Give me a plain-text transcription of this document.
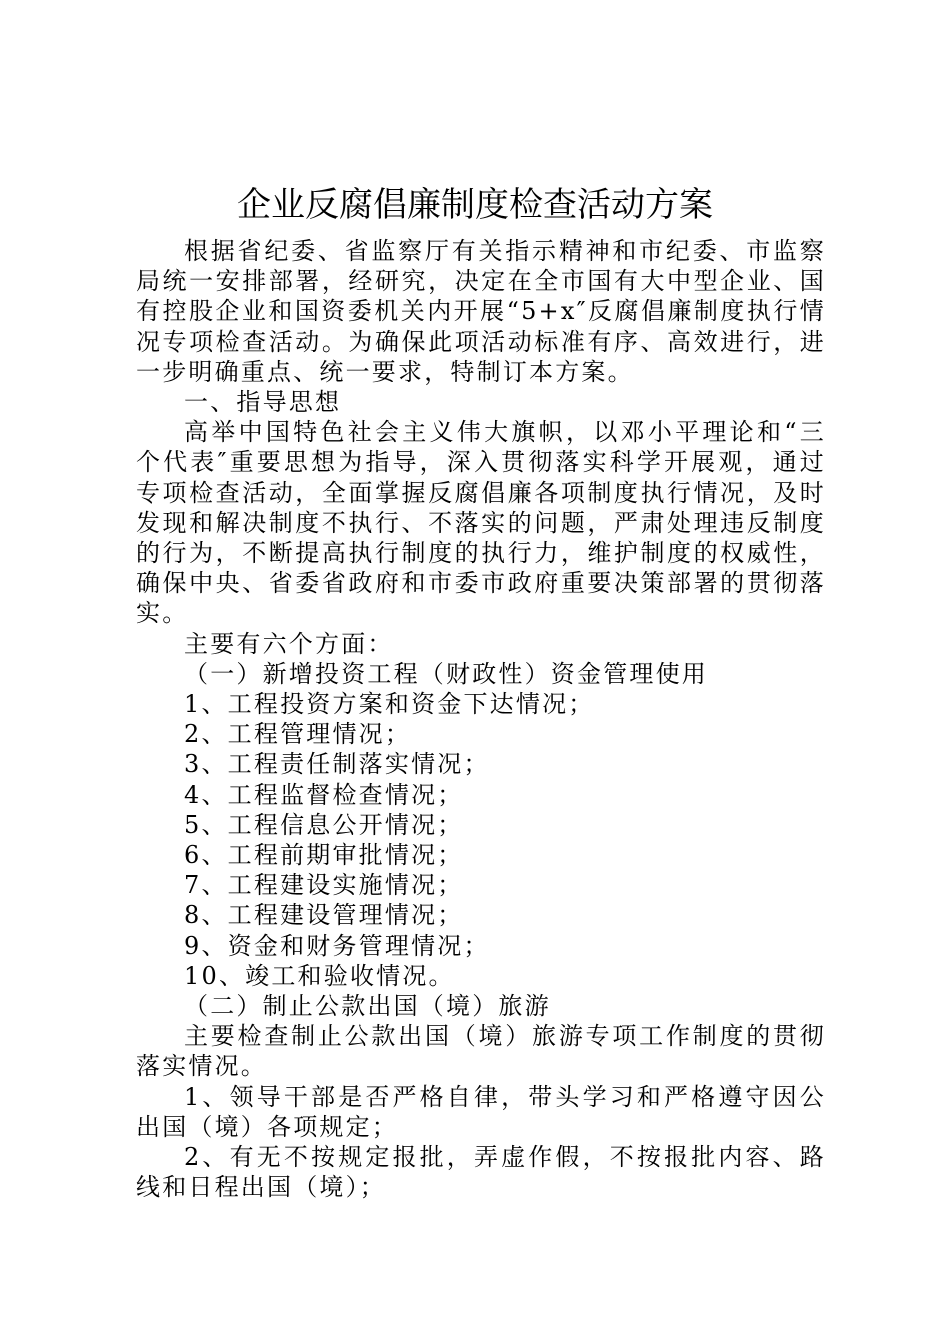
企业反腐倡廉制度检查活动方案

根据省纪委、省监察厅有关指示精神和市纪委、市监察局统一安排部署，经研究，决定在全市国有大中型企业、国有控股企业和国资委机关内开展“5+x″反腐倡廉制度执行情况专项检查活动。为确保此项活动标准有序、高效进行，进一步明确重点、统一要求，特制订本方案。

一、指导思想

高举中国特色社会主义伟大旗帜，以邓小平理论和“三个代表″重要思想为指导，深入贯彻落实科学开展观，通过专项检查活动，全面掌握反腐倡廉各项制度执行情况，及时发现和解决制度不执行、不落实的问题，严肃处理违反制度的行为，不断提高执行制度的执行力，维护制度的权威性，确保中央、省委省政府和市委市政府重要决策部署的贯彻落实。

主要有六个方面：

（一）新增投资工程（财政性）资金管理使用

1、工程投资方案和资金下达情况；

2、工程管理情况；

3、工程责任制落实情况；

4、工程监督检查情况；

5、工程信息公开情况；

6、工程前期审批情况；

7、工程建设实施情况；

8、工程建设管理情况；

9、资金和财务管理情况；

10、竣工和验收情况。

（二）制止公款出国（境）旅游

主要检查制止公款出国（境）旅游专项工作制度的贯彻落实情况。

1、领导干部是否严格自律，带头学习和严格遵守因公出国（境）各项规定；

2、有无不按规定报批，弄虚作假，不按报批内容、路线和日程出国（境）；
